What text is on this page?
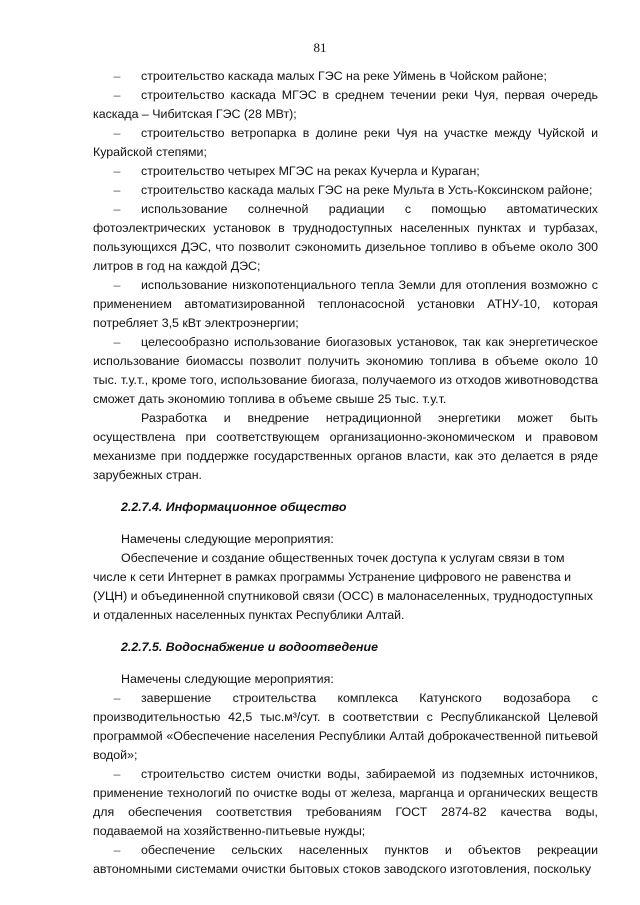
81
– строительство каскада малых ГЭС на реке Уймень в Чойском районе;
– строительство каскада МГЭС в среднем течении реки Чуя, первая очередь каскада – Чибитская ГЭС (28 МВт);
– строительство ветропарка в долине реки Чуя на участке между Чуйской и Курайской степями;
– строительство четырех МГЭС на реках Кучерла и Кураган;
– строительство каскада малых ГЭС на реке Мульта в Усть-Коксинском районе;
– использование солнечной радиации с помощью автоматических фотоэлектрических установок в труднодоступных населенных пунктах и турбазах, пользующихся ДЭС, что позволит сэкономить дизельное топливо в объеме около 300 литров в год на каждой ДЭС;
– использование низкопотенциального тепла Земли для отопления возможно с применением автоматизированной теплонасосной установки АТНУ-10, которая потребляет 3,5 кВт электроэнергии;
– целесообразно использование биогазовых установок, так как энергетическое использование биомассы позволит получить экономию топлива в объеме около 10 тыс. т.у.т., кроме того, использование биогаза, получаемого из отходов животноводства сможет дать экономию топлива в объеме свыше 25 тыс. т.у.т.

Разработка и внедрение нетрадиционной энергетики может быть осуществлена при соответствующем организационно-экономическом и правовом механизме при поддержке государственных органов власти, как это делается в ряде зарубежных стран.

2.2.7.4. Информационное общество

Намечены следующие мероприятия:

Обеспечение и создание общественных точек доступа к услугам связи в том числе к сети Интернет в рамках программы Устранение цифрового не равенства и (УЦН) и объединенной спутниковой связи (ОСС) в малонаселенных, труднодоступных и отдаленных населенных пунктах Республики Алтай.

2.2.7.5. Водоснабжение и водоотведение

Намечены следующие мероприятия:

– завершение строительства комплекса Катунского водозабора с производительностью 42,5 тыс.м³/сут. в соответствии с Республиканской Целевой программой «Обеспечение населения Республики Алтай доброкачественной питьевой водой»;
– строительство систем очистки воды, забираемой из подземных источников, применение технологий по очистке воды от железа, марганца и органических веществ для обеспечения соответствия требованиям ГОСТ 2874-82 качества воды, подаваемой на хозяйственно-питьевые нужды;
– обеспечение сельских населенных пунктов и объектов рекреации автономными системами очистки бытовых стоков заводского изготовления, поскольку
